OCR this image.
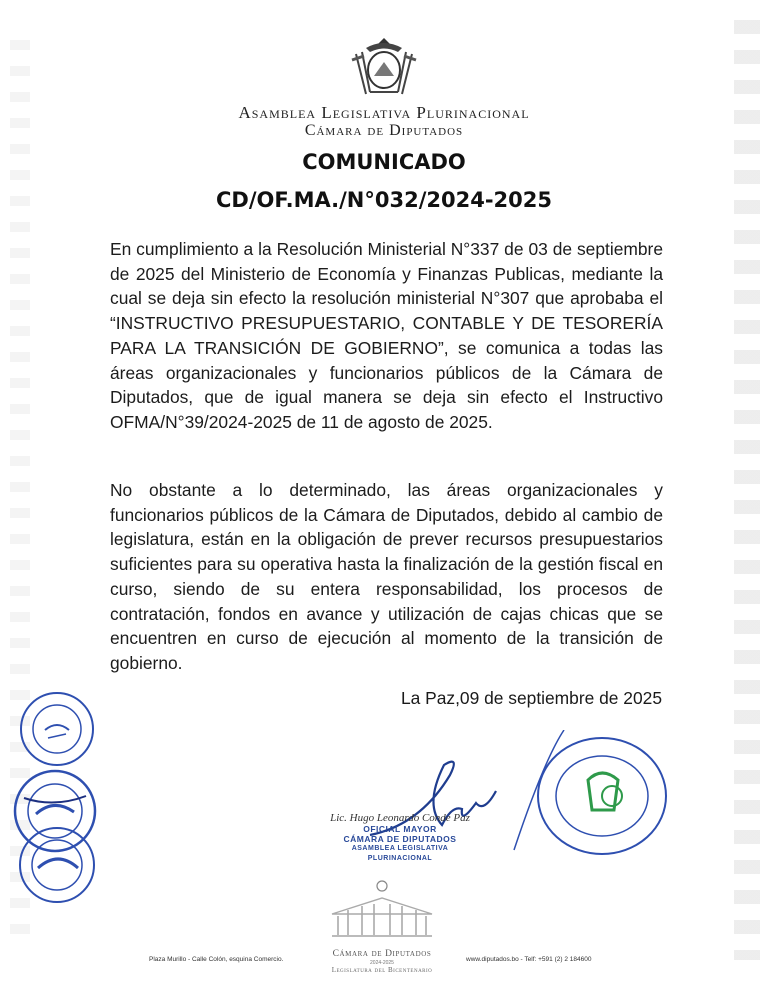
Asamblea Legislativa Plurinacional
Cámara de Diputados
COMUNICADO
CD/OF.MA./N°032/2024-2025
En cumplimiento a la Resolución Ministerial N°337 de 03 de septiembre de 2025 del Ministerio de Economía y Finanzas Publicas, mediante la cual se deja sin efecto la resolución ministerial N°307 que aprobaba el “INSTRUCTIVO PRESUPUESTARIO, CONTABLE Y DE TESORERÍA PARA LA TRANSICIÓN DE GOBIERNO”, se comunica a todas las áreas organizacionales y funcionarios públicos de la Cámara de Diputados, que de igual manera se deja sin efecto el Instructivo OFMA/N°39/2024-2025 de 11 de agosto de 2025.
No obstante a lo determinado, las áreas organizacionales y funcionarios públicos de la Cámara de Diputados, debido al cambio de legislatura, están en la obligación de prever recursos presupuestarios suficientes para su operativa hasta la finalización de la gestión fiscal en curso, siendo de su entera responsabilidad, los procesos de contratación, fondos en avance y utilización de cajas chicas que se encuentren en curso de ejecución al momento de la transición de gobierno.
La Paz,09 de septiembre de 2025
Lic. Hugo Leonardo Conde Paz
OFICIAL MAYOR
CÁMARA DE DIPUTADOS
ASAMBLEA LEGISLATIVA PLURINACIONAL
Plaza Murillo - Calle Colón, esquina Comercio.
Cámara de Diputados
2024-2025
Legislatura del Bicentenario
www.diputados.bo - Telf: +591 (2) 2 184600
